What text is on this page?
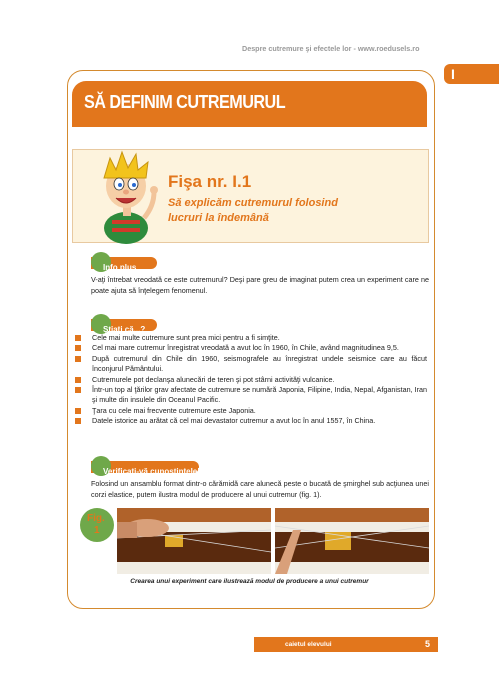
Despre cutremure şi efectele lor - www.roedusels.ro
I
SĂ DEFINIM CUTREMURUL
Fişa nr. I.1
Să explicăm cutremurul folosind
lucruri la îndemână
Info plus
V-aţi întrebat vreodată ce este cutremurul? Deşi pare greu de imaginat putem crea un experiment care ne poate ajuta să înţelegem fenomenul.
Ştiaţi că...?
Cele mai multe cutremure sunt prea mici pentru a fi simţite.
Cel mai mare cutremur înregistrat vreodată a avut loc în 1960, în Chile, având magnitudinea 9,5.
După cutremurul din Chile din 1960, seismografele au înregistrat undele seismice care au făcut înconjurul Pământului.
Cutremurele pot declanşa alunecări de teren şi pot stârni activităţi vulcanice.
Într-un top al ţărilor grav afectate de cutremure se numără Japonia, Filipine, India, Nepal, Afganistan, Iran şi multe din insulele din Oceanul Pacific.
Ţara cu cele mai frecvente cutremure este Japonia.
Datele istorice au arătat că cel mai devastator cutremur a avut loc în anul 1557, în China.
Verificaţi-vă cunoştinţele!
Folosind un ansamblu format dintr-o cărămidă care alunecă peste o bucată de şmirghel sub acţiunea unei corzi elastice, putem ilustra modul de producere al unui cutremur (fig. 1).
Fig.
1
Crearea unui experiment care ilustrează modul de producere a unui cutremur
caietul elevului	5
